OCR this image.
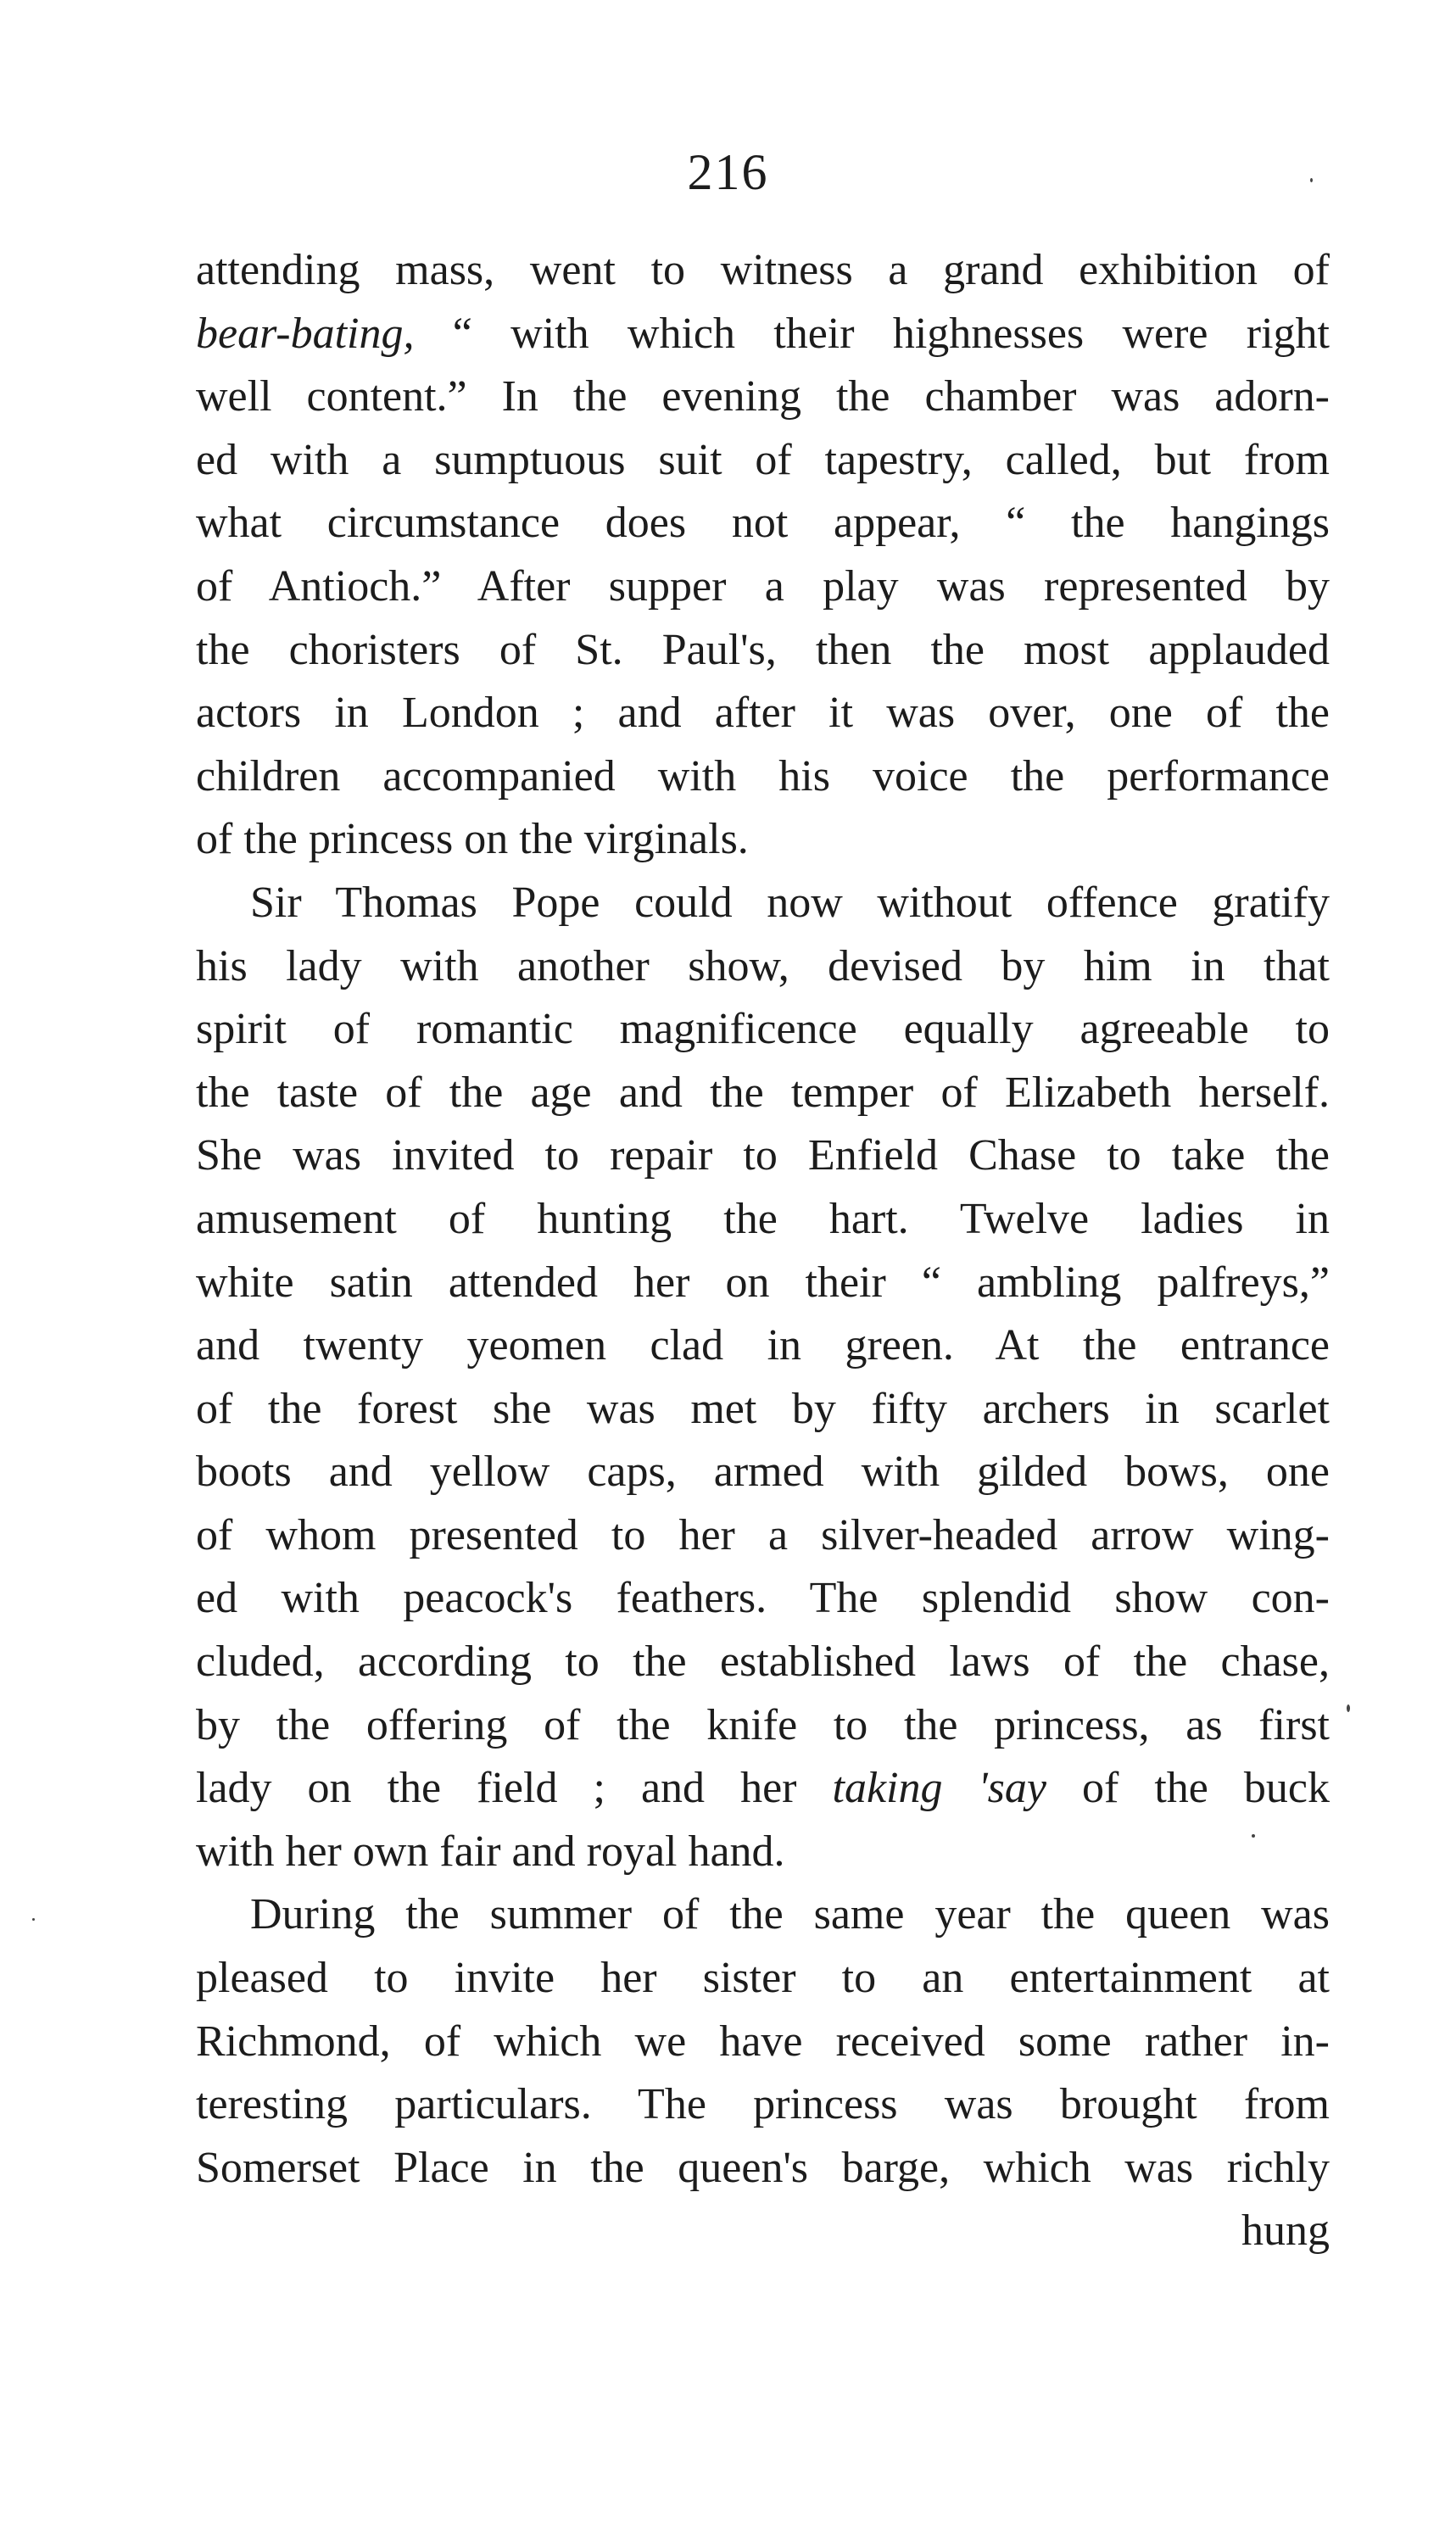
216
attending mass, went to witness a grand exhibition of
bear-bating, “ with which their highnesses were right
well content.” In the evening the chamber was adorn-
ed with a sumptuous suit of tapestry, called, but from
what circumstance does not appear, “ the hangings
of Antioch.” After supper a play was represented by
the choristers of St. Paul's, then the most applauded
actors in London ; and after it was over, one of the
children accompanied with his voice the performance
of the princess on the virginals.
Sir Thomas Pope could now without offence gratify
his lady with another show, devised by him in that
spirit of romantic magnificence equally agreeable to
the taste of the age and the temper of Elizabeth herself.
She was invited to repair to Enfield Chase to take the
amusement of hunting the hart. Twelve ladies in
white satin attended her on their “ ambling palfreys,”
and twenty yeomen clad in green. At the entrance
of the forest she was met by fifty archers in scarlet
boots and yellow caps, armed with gilded bows, one
of whom presented to her a silver-headed arrow wing-
ed with peacock's feathers. The splendid show con-
cluded, according to the established laws of the chase,
by the offering of the knife to the princess, as first
lady on the field ; and her taking 'say of the buck
with her own fair and royal hand.
During the summer of the same year the queen was
pleased to invite her sister to an entertainment at
Richmond, of which we have received some rather in-
teresting particulars. The princess was brought from
Somerset Place in the queen's barge, which was richly
hung
